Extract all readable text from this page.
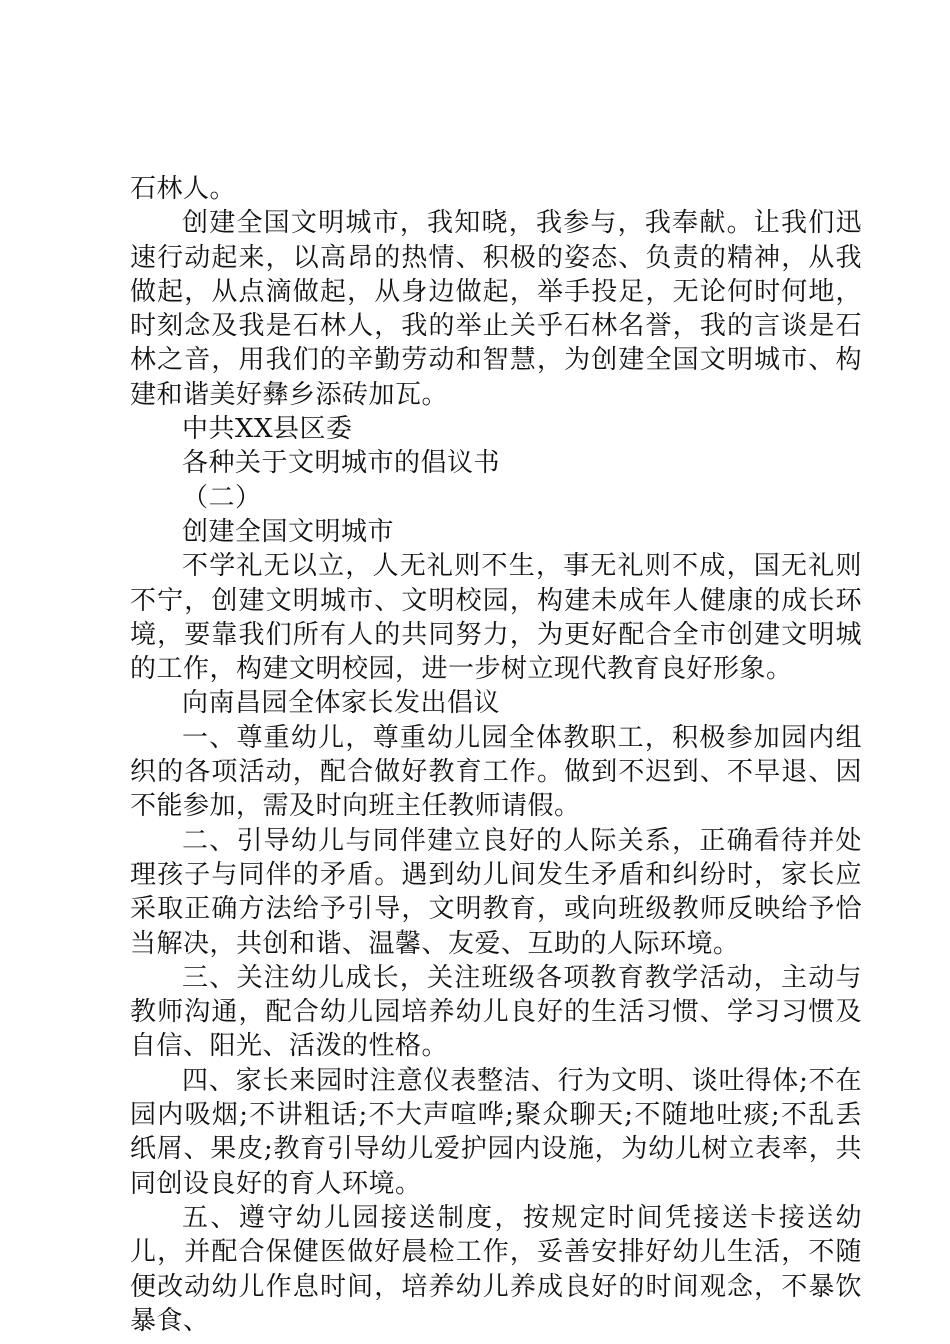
石林人。

创建全国文明城市，我知晓，我参与，我奉献。让我们迅速行动起来，以高昂的热情、积极的姿态、负责的精神，从我做起，从点滴做起，从身边做起，举手投足，无论何时何地，时刻念及我是石林人，我的举止关乎石林名誉，我的言谈是石林之音，用我们的辛勤劳动和智慧，为创建全国文明城市、构建和谐美好彝乡添砖加瓦。

中共XX县区委

各种关于文明城市的倡议书

（二）

创建全国文明城市

不学礼无以立，人无礼则不生，事无礼则不成，国无礼则不宁，创建文明城市、文明校园，构建未成年人健康的成长环境，要靠我们所有人的共同努力，为更好配合全市创建文明城的工作，构建文明校园，进一步树立现代教育良好形象。

向南昌园全体家长发出倡议

一、尊重幼儿，尊重幼儿园全体教职工，积极参加园内组织的各项活动，配合做好教育工作。做到不迟到、不早退、因不能参加，需及时向班主任教师请假。

二、引导幼儿与同伴建立良好的人际关系，正确看待并处理孩子与同伴的矛盾。遇到幼儿间发生矛盾和纠纷时，家长应采取正确方法给予引导，文明教育，或向班级教师反映给予恰当解决，共创和谐、温馨、友爱、互助的人际环境。

三、关注幼儿成长，关注班级各项教育教学活动，主动与教师沟通，配合幼儿园培养幼儿良好的生活习惯、学习习惯及自信、阳光、活泼的性格。

四、家长来园时注意仪表整洁、行为文明、谈吐得体;不在园内吸烟;不讲粗话;不大声喧哗;聚众聊天;不随地吐痰;不乱丢纸屑、果皮;教育引导幼儿爱护园内设施，为幼儿树立表率，共同创设良好的育人环境。

五、遵守幼儿园接送制度，按规定时间凭接送卡接送幼儿，并配合保健医做好晨检工作，妥善安排好幼儿生活，不随便改动幼儿作息时间，培养幼儿养成良好的时间观念，不暴饮暴食、
